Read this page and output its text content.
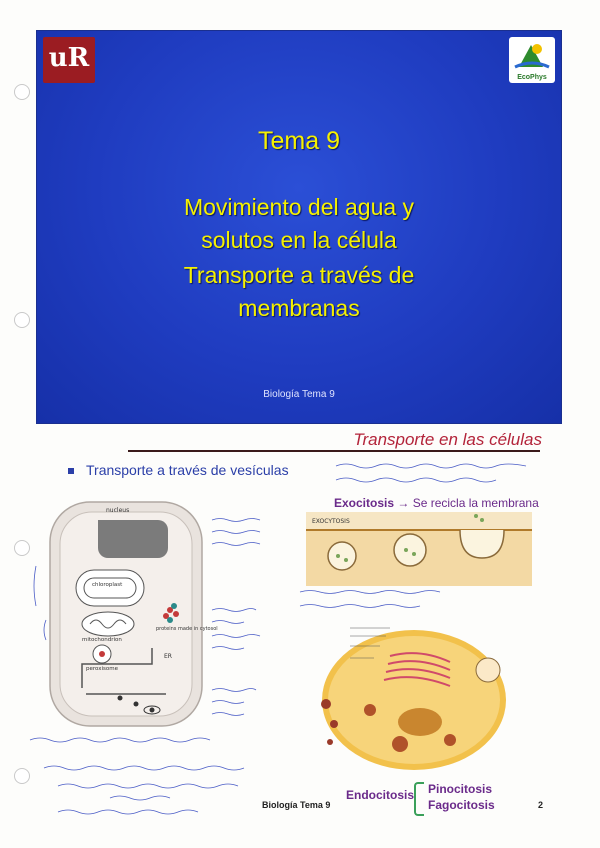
uR
EcoPhys
Tema 9
Movimiento del agua y
solutos en la célula
Transporte a través de
membranas
Biología Tema 9
Transporte en las células
Transporte a través de vesículas
nucleus
chloroplast
mitochondrion
proteins made in cytosol
peroxisome
ER
Exocitosis → Se recicla la membrana
EXOCYTOSIS
Endocitosis Pinocitosis
Fagocitosis
Biología Tema 9	2
